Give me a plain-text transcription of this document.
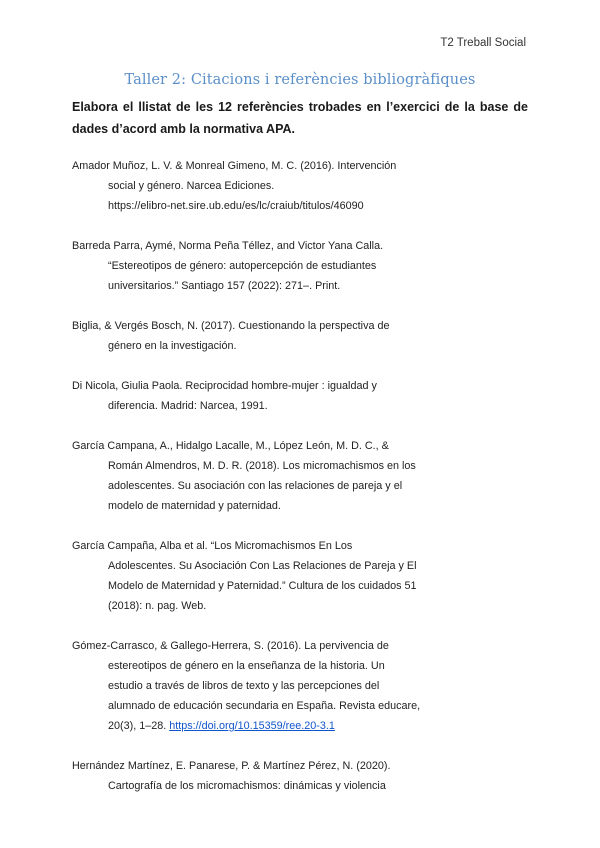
T2 Treball Social
Taller 2: Citacions i referències bibliogràfiques
Elabora el llistat de les 12 referències trobades en l’exercici de la base de dades d’acord amb la normativa APA.
Amador Muñoz, L. V. & Monreal Gimeno, M. C. (2016). Intervención
social y género. Narcea Ediciones.
https://elibro-net.sire.ub.edu/es/lc/craiub/titulos/46090
Barreda Parra, Aymé, Norma Peña Téllez, and Victor Yana Calla.
“Estereotipos de género: autopercepción de estudiantes
universitarios.” Santiago 157 (2022): 271–. Print.
Biglia, & Vergés Bosch, N. (2017). Cuestionando la perspectiva de
género en la investigación.
Di Nicola, Giulia Paola. Reciprocidad hombre-mujer : igualdad y
diferencia. Madrid: Narcea, 1991.
García Campana, A., Hidalgo Lacalle, M., López León, M. D. C., &
Román Almendros, M. D. R. (2018). Los micromachismos en los
adolescentes. Su asociación con las relaciones de pareja y el
modelo de maternidad y paternidad.
García Campaña, Alba et al. “Los Micromachismos En Los
Adolescentes. Su Asociación Con Las Relaciones de Pareja y El
Modelo de Maternidad y Paternidad.” Cultura de los cuidados 51
(2018): n. pag. Web.
Gómez-Carrasco, & Gallego-Herrera, S. (2016). La pervivencia de
estereotipos de género en la enseñanza de la historia. Un
estudio a través de libros de texto y las percepciones del
alumnado de educación secundaria en España. Revista educare,
20(3), 1–28. https://doi.org/10.15359/ree.20-3.1
Hernández Martínez, E. Panarese, P. & Martínez Pérez, N. (2020).
Cartografía de los micromachismos: dinámicas y violencia
